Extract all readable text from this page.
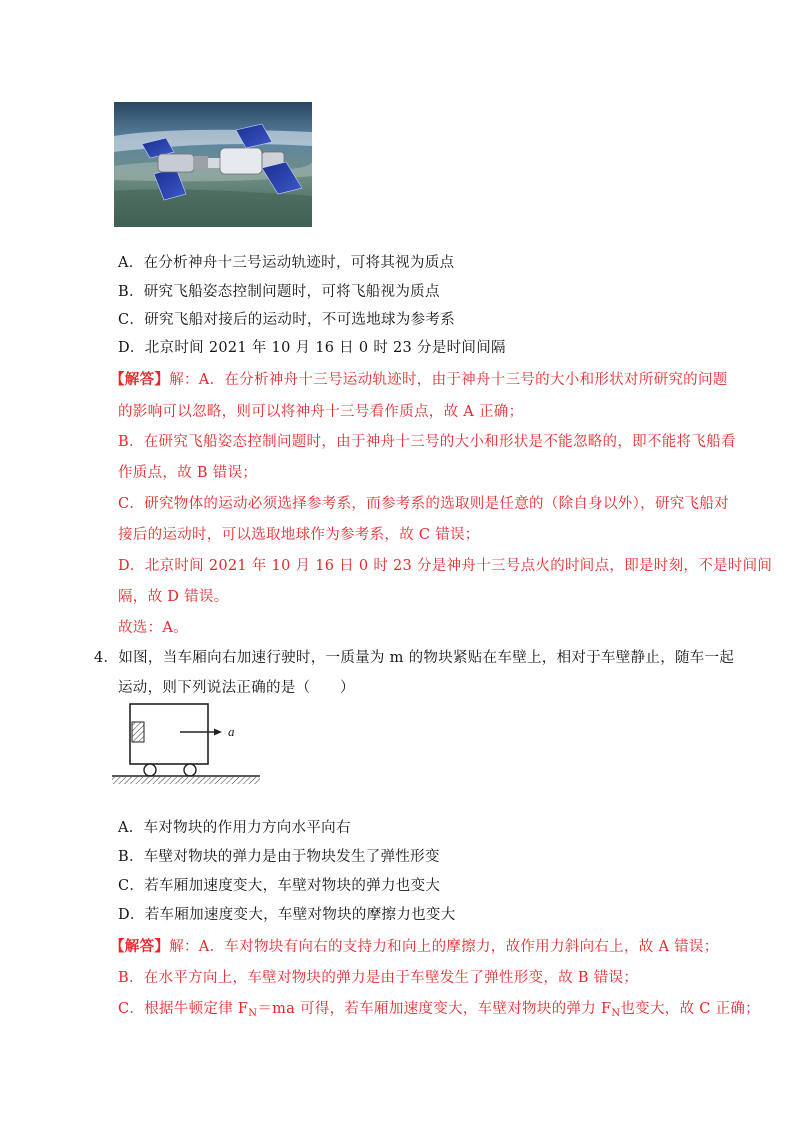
A．在分析神舟十三号运动轨迹时，可将其视为质点
B．研究飞船姿态控制问题时，可将飞船视为质点
C．研究飞船对接后的运动时，不可选地球为参考系
D．北京时间 2021 年 10 月 16 日 0 时 23 分是时间间隔
【解答】解：A．在分析神舟十三号运动轨迹时，由于神舟十三号的大小和形状对所研究的问题
的影响可以忽略，则可以将神舟十三号看作质点，故 A 正确；
B．在研究飞船姿态控制问题时，由于神舟十三号的大小和形状是不能忽略的，即不能将飞船看
作质点，故 B 错误；
C．研究物体的运动必须选择参考系，而参考系的选取则是任意的（除自身以外），研究飞船对
接后的运动时，可以选取地球作为参考系，故 C 错误；
D．北京时间 2021 年 10 月 16 日 0 时 23 分是神舟十三号点火的时间点，即是时刻，不是时间间
隔，故 D 错误。
故选：A。
4．如图，当车厢向右加速行驶时，一质量为 m 的物块紧贴在车壁上，相对于车壁静止，随车一起
运动，则下列说法正确的是（　　）
a
A．车对物块的作用力方向水平向右
B．车壁对物块的弹力是由于物块发生了弹性形变
C．若车厢加速度变大，车壁对物块的弹力也变大
D．若车厢加速度变大，车壁对物块的摩擦力也变大
【解答】解：A．车对物块有向右的支持力和向上的摩擦力，故作用力斜向右上，故 A 错误；
B．在水平方向上，车壁对物块的弹力是由于车壁发生了弹性形变，故 B 错误；
C．根据牛顿定律 $F_N=ma$ 可得，若车厢加速度变大，车壁对物块的弹力 $F_N$也变大，故 C 正确；
